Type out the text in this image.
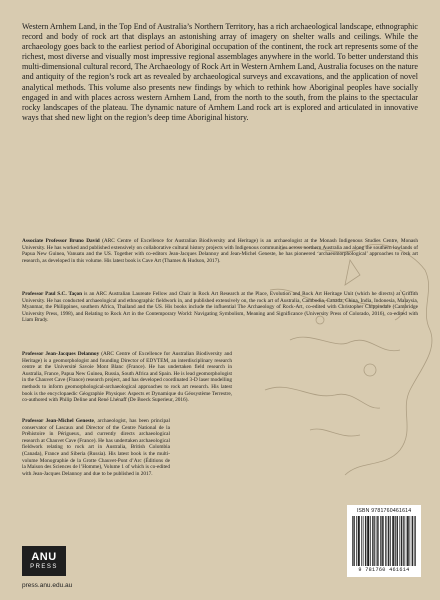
Western Arnhem Land, in the Top End of Australia’s Northern Territory, has a rich archaeological landscape, ethnographic record and body of rock art that displays an astonishing array of imagery on shelter walls and ceilings. While the archaeology goes back to the earliest period of Aboriginal occupation of the continent, the rock art represents some of the richest, most diverse and visually most impressive regional assemblages anywhere in the world. To better understand this multi-dimensional cultural record, The Archaeology of Rock Art in Western Arnhem Land, Australia focuses on the nature and antiquity of the region’s rock art as revealed by archaeological surveys and excavations, and the application of novel analytical methods. This volume also presents new findings by which to rethink how Aboriginal peoples have socially engaged in and with places across western Arnhem Land, from the north to the south, from the plains to the spectacular rocky landscapes of the plateau. The dynamic nature of Arnhem Land rock art is explored and articulated in innovative ways that shed new light on the region’s deep time Aboriginal history.

Associate Professor Bruno David (ARC Centre of Excellence for Australian Biodiversity and Heritage) is an archaeologist at the Monash Indigenous Studies Centre, Monash University. He has worked and published extensively on collaborative cultural history projects with Indigenous communities across northern Australia and along the southern lowlands of Papua New Guinea, Vanuatu and the US. Together with co-editors Jean-Jacques Delannoy and Jean-Michel Geneste, he has pioneered ‘archaeomorphological’ approaches to rock art research, as developed in this volume. His latest book is Cave Art (Thames & Hudson, 2017).

Professor Paul S.C. Taçon is an ARC Australian Laureate Fellow and Chair in Rock Art Research at the Place, Evolution and Rock Art Heritage Unit (which he directs) at Griffith University. He has conducted archaeological and ethnographic fieldwork in, and published extensively on, the rock art of Australia, Cambodia, Canada, China, India, Indonesia, Malaysia, Myanmar, the Philippines, southern Africa, Thailand and the US. His books include the influential The Archaeology of Rock-Art, co-edited with Christopher Chippindale (Cambridge University Press, 1998), and Relating to Rock Art in the Contemporary World: Navigating Symbolism, Meaning and Significance (University Press of Colorado, 2016), co-edited with Liam Brady.

Professor Jean-Jacques Delannoy (ARC Centre of Excellence for Australian Biodiversity and Heritage) is a geomorphologist and founding Director of EDYTEM, an interdisciplinary research centre at the Université Savoie Mont Blanc (France). He has undertaken field research in Australia, France, Papua New Guinea, Russia, South Africa and Spain. He is lead geomorphologist in the Chauvet Cave (France) research project, and has developed coordinated 3-D laser modelling methods to inform geomorphological-archaeological approaches to rock art research. His latest book is the encyclopaedic Géographie Physique: Aspects et Dynamique du Géosystème Terrestre, co-authored with Philip Deline and René Lhénaff (De Boeck Superieur, 2016).

Professor Jean-Michel Geneste, archaeologist, has been principal conservator of Lascaux and Director of the Centre National de la Préhistoire in Périgueux, and currently directs archaeological research at Chauvet Cave (France). He has undertaken archaeological fieldwork relating to rock art in Australia, British Colombia (Canada), France and Siberia (Russia). His latest book is the multi-volume Monographie de la Grotte Chauvet-Pont d’Arc (Éditions de la Maison des Sciences de l’Homme), Volume 1 of which is co-edited with Jean-Jacques Delannoy and due to be published in 2017.

ANU
PRESS
press.anu.edu.au
ISBN 9781760461614
9 781760 461614
